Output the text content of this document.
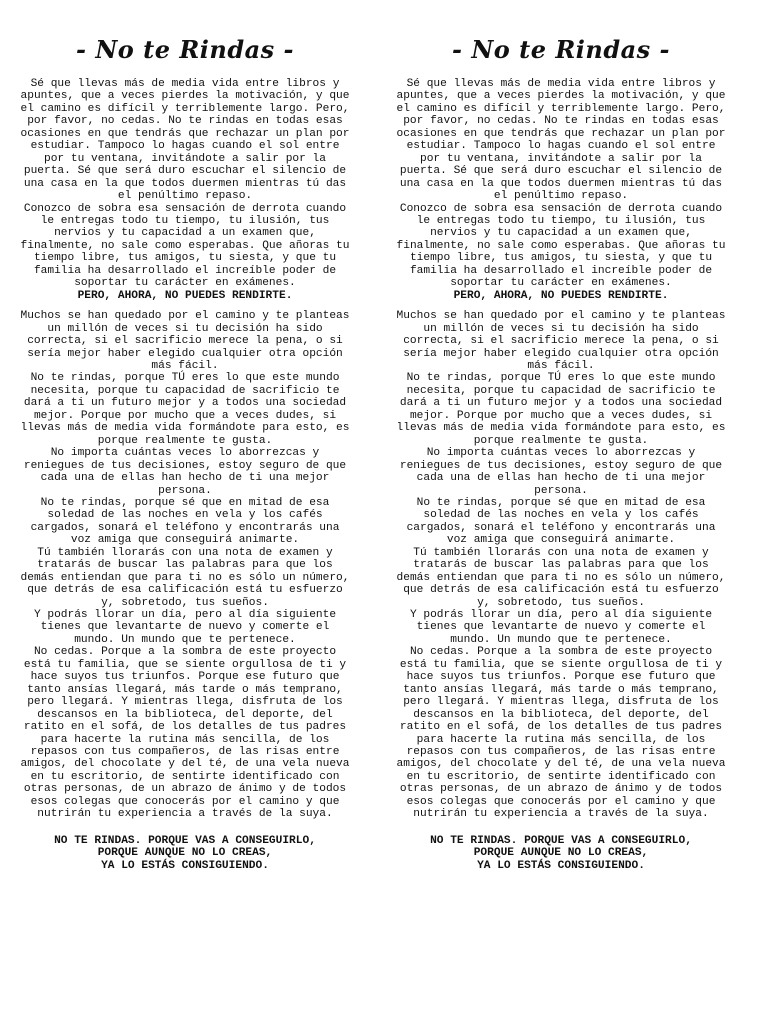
- No te Rindas -

Sé que llevas más de media vida entre libros y apuntes, que a veces pierdes la motivación, y que el camino es difícil y terriblemente largo. Pero, por favor, no cedas. No te rindas en todas esas ocasiones en que tendrás que rechazar un plan por estudiar. Tampoco lo hagas cuando el sol entre por tu ventana, invitándote a salir por la puerta. Sé que será duro escuchar el silencio de una casa en la que todos duermen mientras tú das el penúltimo repaso.

Conozco de sobra esa sensación de derrota cuando le entregas todo tu tiempo, tu ilusión, tus nervios y tu capacidad a un examen que, finalmente, no sale como esperabas. Que añoras tu tiempo libre, tus amigos, tu siesta, y que tu familia ha desarrollado el increíble poder de soportar tu carácter en exámenes.

PERO, AHORA, NO PUEDES RENDIRTE.

Muchos se han quedado por el camino y te planteas un millón de veces si tu decisión ha sido correcta, si el sacrificio merece la pena, o si sería mejor haber elegido cualquier otra opción más fácil.

No te rindas, porque TÚ eres lo que este mundo necesita, porque tu capacidad de sacrificio te dará a ti un futuro mejor y a todos una sociedad mejor. Porque por mucho que a veces dudes, si llevas más de media vida formándote para esto, es porque realmente te gusta.

No importa cuántas veces lo aborrezcas y reniegues de tus decisiones, estoy seguro de que cada una de ellas han hecho de ti una mejor persona.

No te rindas, porque sé que en mitad de esa soledad de las noches en vela y los cafés cargados, sonará el teléfono y encontrarás una voz amiga que conseguirá animarte.

Tú también llorarás con una nota de examen y tratarás de buscar las palabras para que los demás entiendan que para ti no es sólo un número, que detrás de esa calificación está tu esfuerzo y, sobretodo, tus sueños.

Y podrás llorar un día, pero al día siguiente tienes que levantarte de nuevo y comerte el mundo. Un mundo que te pertenece.

No cedas. Porque a la sombra de este proyecto está tu familia, que se siente orgullosa de ti y hace suyos tus triunfos. Porque ese futuro que tanto ansías llegará, más tarde o más temprano, pero llegará. Y mientras llega, disfruta de los descansos en la biblioteca, del deporte, del ratito en el sofá, de los detalles de tus padres para hacerte la rutina más sencilla, de los repasos con tus compañeros, de las risas entre amigos, del chocolate y del té, de una vela nueva en tu escritorio, de sentirte identificado con otras personas, de un abrazo de ánimo y de todos esos colegas que conocerás por el camino y que nutrirán tu experiencia a través de la suya.

NO TE RINDAS. PORQUE VAS A CONSEGUIRLO,
PORQUE AUNQUE NO LO CREAS,
YA LO ESTÁS CONSIGUIENDO.
- No te Rindas -

Sé que llevas más de media vida entre libros y apuntes, que a veces pierdes la motivación, y que el camino es difícil y terriblemente largo. Pero, por favor, no cedas. No te rindas en todas esas ocasiones en que tendrás que rechazar un plan por estudiar. Tampoco lo hagas cuando el sol entre por tu ventana, invitándote a salir por la puerta. Sé que será duro escuchar el silencio de una casa en la que todos duermen mientras tú das el penúltimo repaso.

Conozco de sobra esa sensación de derrota cuando le entregas todo tu tiempo, tu ilusión, tus nervios y tu capacidad a un examen que, finalmente, no sale como esperabas. Que añoras tu tiempo libre, tus amigos, tu siesta, y que tu familia ha desarrollado el increíble poder de soportar tu carácter en exámenes.

PERO, AHORA, NO PUEDES RENDIRTE.

Muchos se han quedado por el camino y te planteas un millón de veces si tu decisión ha sido correcta, si el sacrificio merece la pena, o si sería mejor haber elegido cualquier otra opción más fácil.

No te rindas, porque TÚ eres lo que este mundo necesita, porque tu capacidad de sacrificio te dará a ti un futuro mejor y a todos una sociedad mejor. Porque por mucho que a veces dudes, si llevas más de media vida formándote para esto, es porque realmente te gusta.

No importa cuántas veces lo aborrezcas y reniegues de tus decisiones, estoy seguro de que cada una de ellas han hecho de ti una mejor persona.

No te rindas, porque sé que en mitad de esa soledad de las noches en vela y los cafés cargados, sonará el teléfono y encontrarás una voz amiga que conseguirá animarte.

Tú también llorarás con una nota de examen y tratarás de buscar las palabras para que los demás entiendan que para ti no es sólo un número, que detrás de esa calificación está tu esfuerzo y, sobretodo, tus sueños.

Y podrás llorar un día, pero al día siguiente tienes que levantarte de nuevo y comerte el mundo. Un mundo que te pertenece.

No cedas. Porque a la sombra de este proyecto está tu familia, que se siente orgullosa de ti y hace suyos tus triunfos. Porque ese futuro que tanto ansías llegará, más tarde o más temprano, pero llegará. Y mientras llega, disfruta de los descansos en la biblioteca, del deporte, del ratito en el sofá, de los detalles de tus padres para hacerte la rutina más sencilla, de los repasos con tus compañeros, de las risas entre amigos, del chocolate y del té, de una vela nueva en tu escritorio, de sentirte identificado con otras personas, de un abrazo de ánimo y de todos esos colegas que conocerás por el camino y que nutrirán tu experiencia a través de la suya.

NO TE RINDAS. PORQUE VAS A CONSEGUIRLO,
PORQUE AUNQUE NO LO CREAS,
YA LO ESTÁS CONSIGUIENDO.
